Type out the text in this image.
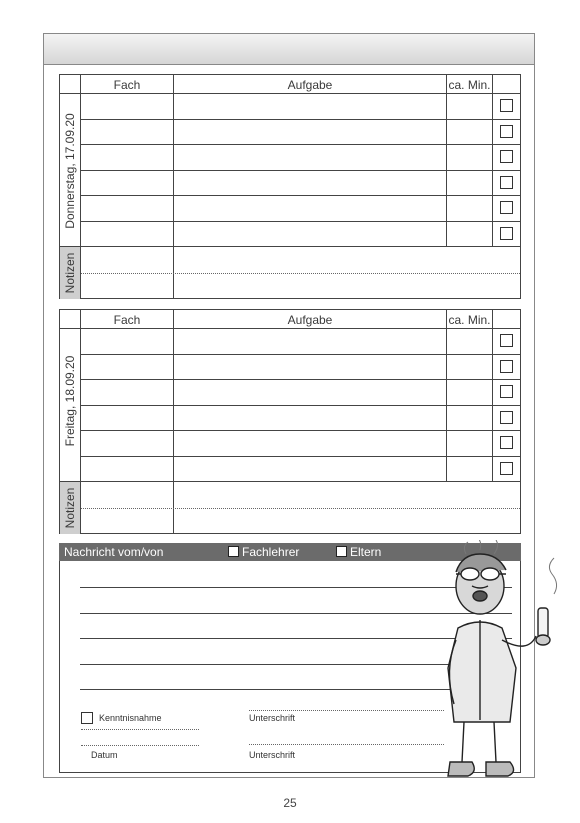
Donnerstag, 17.09.20
Notizen
Fach	Aufgabe	ca. Min.
Freitag, 18.09.20
Notizen
Fach	Aufgabe	ca. Min.
Nachricht vom/von	Fachlehrer	Eltern
Kenntnisnahme	Unterschrift
Datum	Unterschrift
25
